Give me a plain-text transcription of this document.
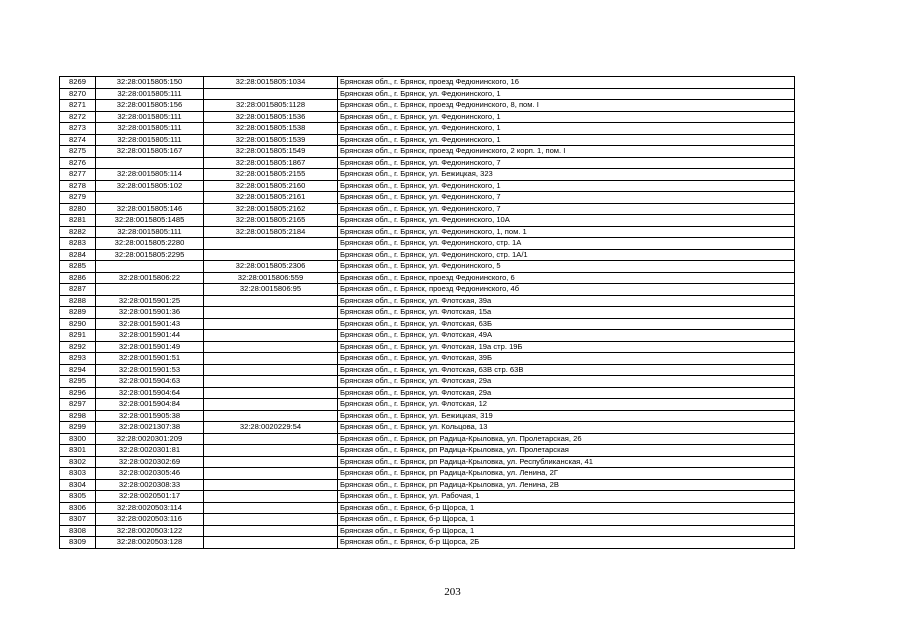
8269	32:28:0015805:150	32:28:0015805:1034	Брянская обл., г. Брянск, проезд Федюнинского, 16
8270	32:28:0015805:111		Брянская обл., г. Брянск, ул. Федюнинского, 1
8271	32:28:0015805:156	32:28:0015805:1128	Брянская обл., г. Брянск, проезд Федюнинского, 8, пом. I
8272	32:28:0015805:111	32:28:0015805:1536	Брянская обл., г. Брянск, ул. Федюнинского, 1
8273	32:28:0015805:111	32:28:0015805:1538	Брянская обл., г. Брянск, ул. Федюнинского, 1
8274	32:28:0015805:111	32:28:0015805:1539	Брянская обл., г. Брянск, ул. Федюнинского, 1
8275	32:28:0015805:167	32:28:0015805:1549	Брянская обл., г. Брянск, проезд Федюнинского, 2 корп. 1, пом. I
8276		32:28:0015805:1867	Брянская обл., г. Брянск, ул. Федюнинского, 7
8277	32:28:0015805:114	32:28:0015805:2155	Брянская обл., г. Брянск, ул. Бежицкая, 323
8278	32:28:0015805:102	32:28:0015805:2160	Брянская обл., г. Брянск, ул. Федюнинского, 1
8279		32:28:0015805:2161	Брянская обл., г. Брянск, ул. Федюнинского, 7
8280	32:28:0015805:146	32:28:0015805:2162	Брянская обл., г. Брянск, ул. Федюнинского, 7
8281	32:28:0015805:1485	32:28:0015805:2165	Брянская обл., г. Брянск, ул. Федюнинского, 10А
8282	32:28:0015805:111	32:28:0015805:2184	Брянская обл., г. Брянск, ул. Федюнинского, 1, пом. 1
8283	32:28:0015805:2280		Брянская обл., г. Брянск, ул. Федюнинского, стр. 1А
8284	32:28:0015805:2295		Брянская обл., г. Брянск, ул. Федюнинского, стр. 1А/1
8285		32:28:0015805:2306	Брянская обл., г. Брянск, ул. Федюнинского, 5
8286	32:28:0015806:22	32:28:0015806:559	Брянская обл., г. Брянск, проезд Федюнинского, 6
8287		32:28:0015806:95	Брянская обл., г. Брянск, проезд Федюнинского, 4б
8288	32:28:0015901:25		Брянская обл., г. Брянск, ул. Флотская, 39а
8289	32:28:0015901:36		Брянская обл., г. Брянск, ул. Флотская, 15а
8290	32:28:0015901:43		Брянская обл., г. Брянск, ул. Флотская, 63Б
8291	32:28:0015901:44		Брянская обл., г. Брянск, ул. Флотская, 49А
8292	32:28:0015901:49		Брянская обл., г. Брянск, ул. Флотская, 19а стр. 19Б
8293	32:28:0015901:51		Брянская обл., г. Брянск, ул. Флотская, 39Б
8294	32:28:0015901:53		Брянская обл., г. Брянск, ул. Флотская, 63В стр. 63В
8295	32:28:0015904:63		Брянская обл., г. Брянск, ул. Флотская, 29а
8296	32:28:0015904:64		Брянская обл., г. Брянск, ул. Флотская, 29а
8297	32:28:0015904:84		Брянская обл., г. Брянск, ул. Флотская, 12
8298	32:28:0015905:38		Брянская обл., г. Брянск, ул. Бежицкая, 319
8299	32:28:0021307:38	32:28:0020229:54	Брянская обл., г. Брянск, ул. Кольцова, 13
8300	32:28:0020301:209		Брянская обл., г. Брянск, рп Радица-Крыловка, ул. Пролетарская, 26
8301	32:28:0020301:81		Брянская обл., г. Брянск, рп Радица-Крыловка, ул. Пролетарская
8302	32:28:0020302:69		Брянская обл., г. Брянск, рп Радица-Крыловка, ул. Республиканская, 41
8303	32:28:0020305:46		Брянская обл., г. Брянск, рп Радица-Крыловка, ул. Ленина, 2Г
8304	32:28:0020308:33		Брянская обл., г. Брянск, рп Радица-Крыловка, ул. Ленина, 2В
8305	32:28:0020501:17		Брянская обл., г. Брянск, ул. Рабочая, 1
8306	32:28:0020503:114		Брянская обл., г. Брянск, б-р Щорса, 1
8307	32:28:0020503:116		Брянская обл., г. Брянск, б-р Щорса, 1
8308	32:28:0020503:122		Брянская обл., г. Брянск, б-р Щорса, 1
8309	32:28:0020503:128		Брянская обл., г. Брянск, б-р Щорса, 2Б
203
